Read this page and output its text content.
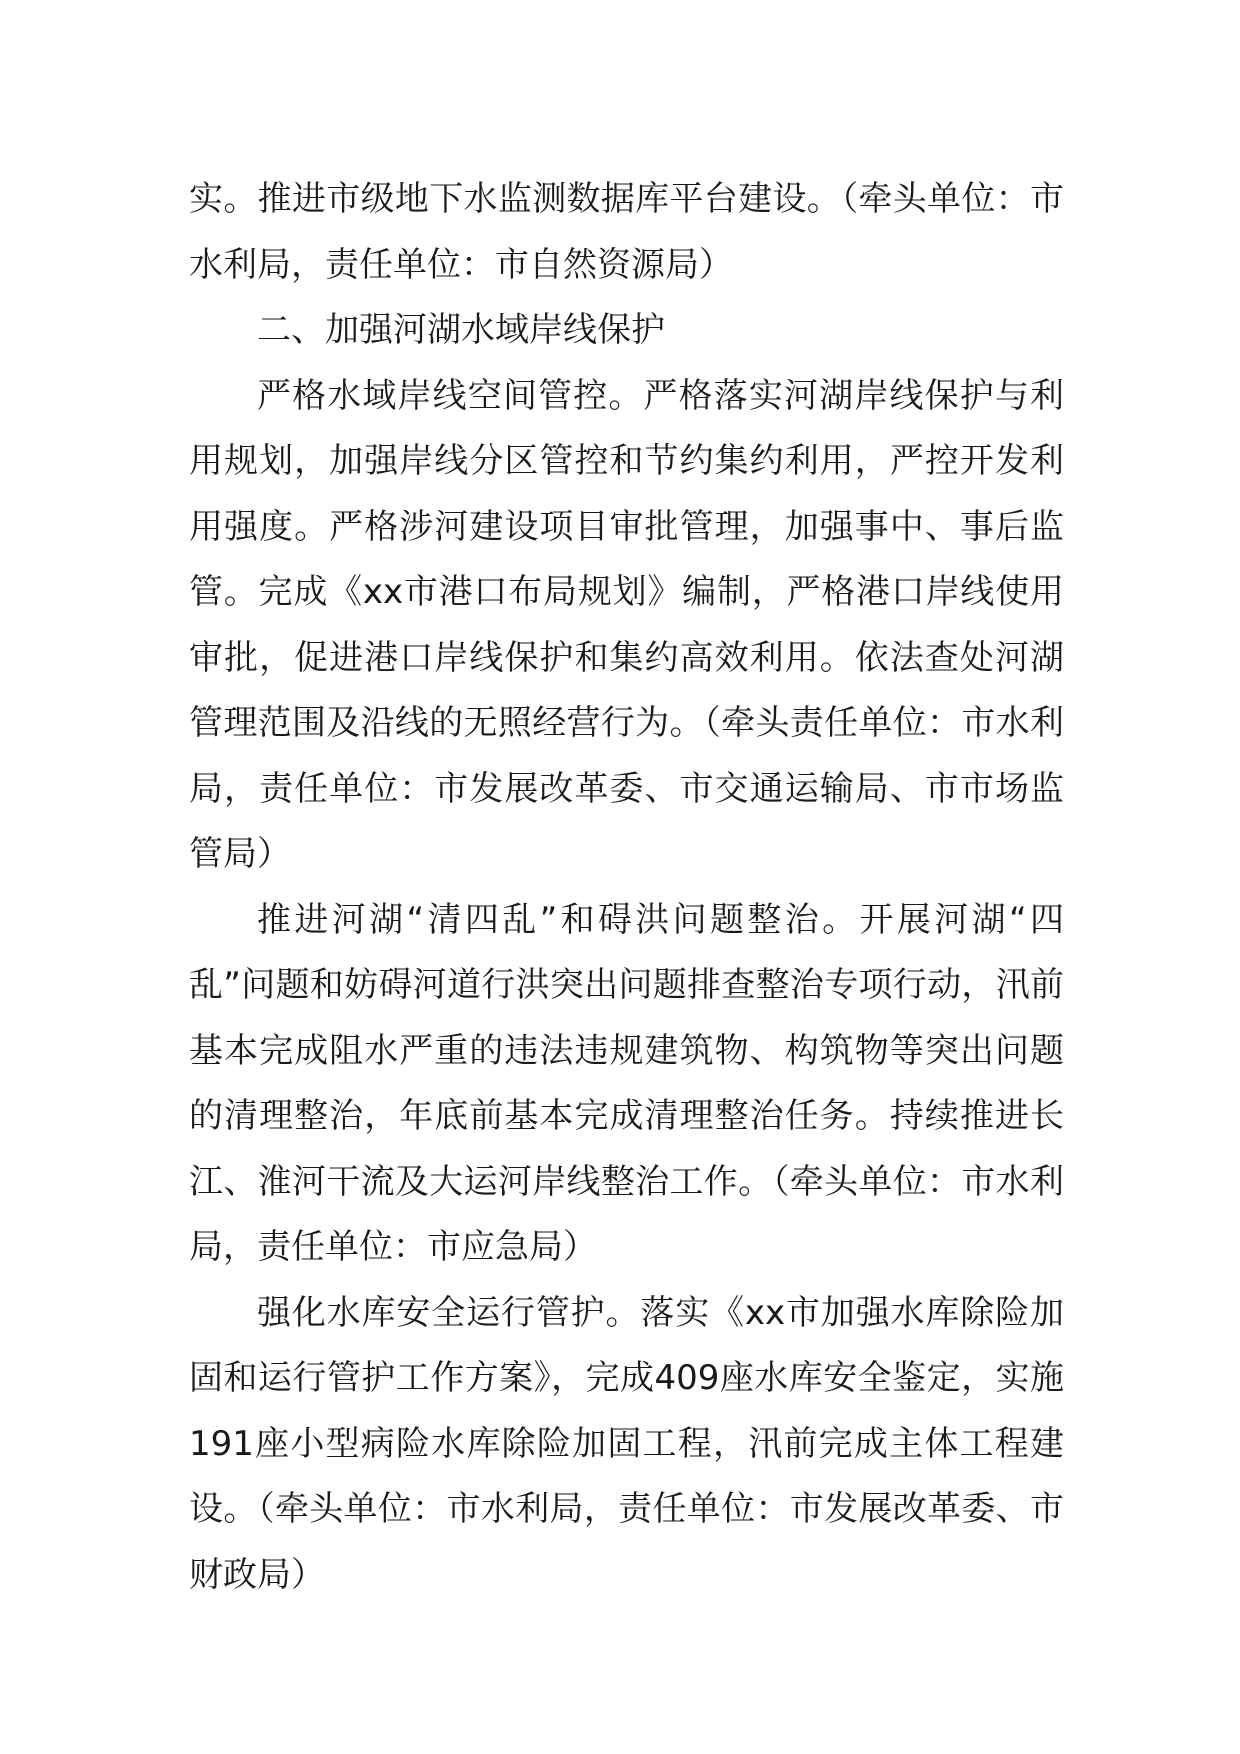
实。推进市级地下水监测数据库平台建设。（牵头单位：市水利局，责任单位：市自然资源局）

二、加强河湖水域岸线保护

严格水域岸线空间管控。严格落实河湖岸线保护与利用规划，加强岸线分区管控和节约集约利用，严控开发利用强度。严格涉河建设项目审批管理，加强事中、事后监管。完成《xx市港口布局规划》编制，严格港口岸线使用审批，促进港口岸线保护和集约高效利用。依法查处河湖管理范围及沿线的无照经营行为。（牵头责任单位：市水利局，责任单位：市发展改革委、市交通运输局、市市场监管局）

推进河湖“清四乱”和碍洪问题整治。开展河湖“四乱”问题和妨碍河道行洪突出问题排查整治专项行动，汛前基本完成阻水严重的违法违规建筑物、构筑物等突出问题的清理整治，年底前基本完成清理整治任务。持续推进长江、淮河干流及大运河岸线整治工作。（牵头单位：市水利局，责任单位：市应急局）

强化水库安全运行管护。落实《xx市加强水库除险加固和运行管护工作方案》，完成409座水库安全鉴定，实施191座小型病险水库除险加固工程，汛前完成主体工程建设。（牵头单位：市水利局，责任单位：市发展改革委、市财政局）
